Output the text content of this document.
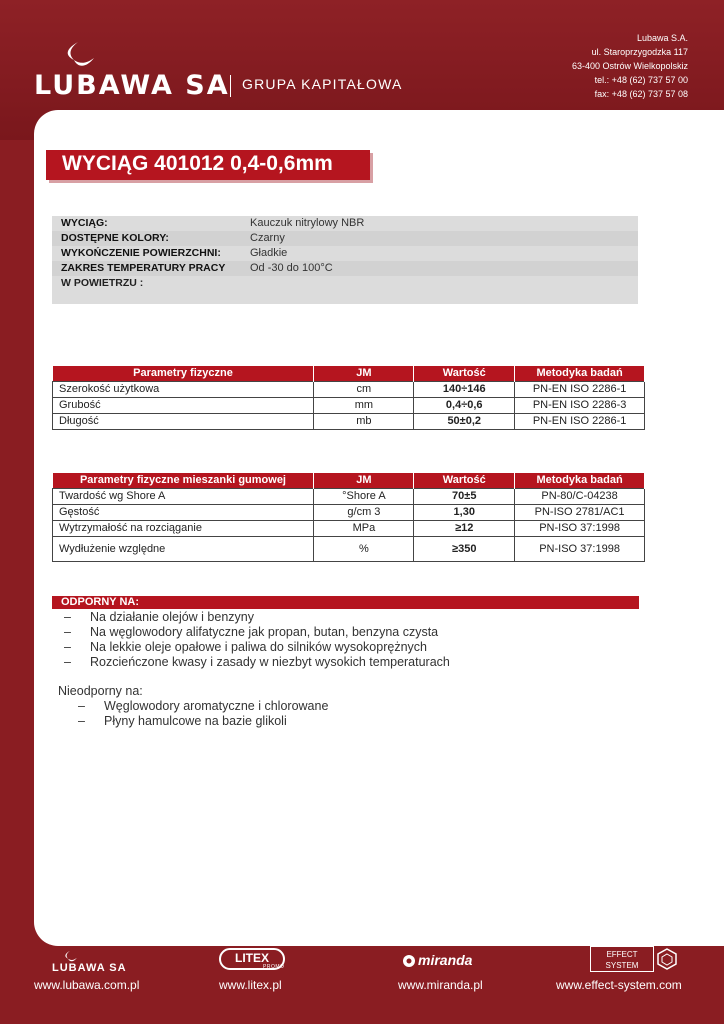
LUBAWA SA GRUPA KAPITAŁOWA
Lubawa S.A.
ul. Staroprzygodzka 117
63-400 Ostrów Wielkopolskiz
tel.: +48 (62) 737 57 00
fax: +48 (62) 737 57 08
WYCIĄG 401012 0,4-0,6mm
WYCIĄG:	Kauczuk nitrylowy NBR
DOSTĘPNE KOLORY:	Czarny
WYKOŃCZENIE POWIERZCHNI:	Gładkie
ZAKRES TEMPERATURY PRACY	Od -30 do 100°C
W POWIETRZU :
Parametry fizyczne	JM	Wartość	Metodyka badań
Szerokość użytkowa	cm	140÷146	PN-EN ISO 2286-1
Grubość	mm	0,4÷0,6	PN-EN ISO 2286-3
Długość	mb	50±0,2	PN-EN ISO 2286-1
Parametry fizyczne mieszanki gumowej	JM	Wartość	Metodyka badań
Twardość wg Shore A	°Shore A	70±5	PN-80/C-04238
Gęstość	g/cm 3	1,30	PN-ISO 2781/AC1
Wytrzymałość na rozciąganie	MPa	≥12	PN-ISO 37:1998
Wydłużenie względne	%	≥350	PN-ISO 37:1998
ODPORNY NA:
–	Na działanie olejów i benzyny
–	Na węglowodory alifatyczne jak propan, butan, benzyna czysta
–	Na lekkie oleje opałowe i paliwa do silników wysokoprężnych
–	Rozcieńczone kwasy i zasady w niezbyt wysokich temperaturach
Nieodporny na:
–	Węglowodory aromatyczne i chlorowane
–	Płyny hamulcowe na bazie glikoli
LUBAWA SA
www.lubawa.com.pl
LITEX
PROMO
www.litex.pl
miranda
www.miranda.pl
EFFECT SYSTEM
www.effect-system.com
